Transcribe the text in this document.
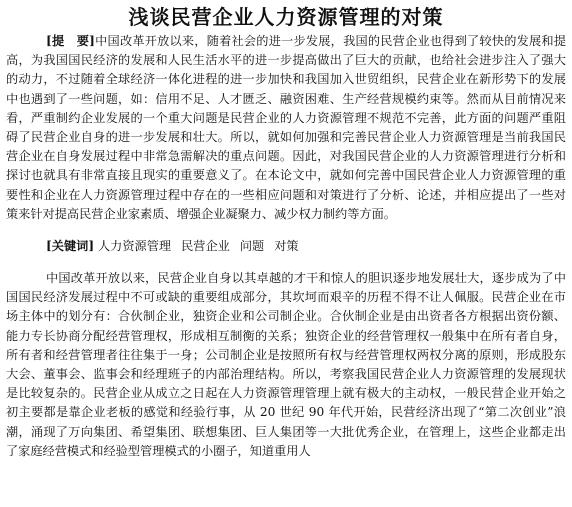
浅谈民营企业人力资源管理的对策

[提　要]中国改革开放以来，随着社会的进一步发展，我国的民营企业也得到了较快的发展和提高，为我国国民经济的发展和人民生活水平的进一步提高做出了巨大的贡献，也给社会进步注入了强大的动力，不过随着全球经济一体化进程的进一步加快和我国加入世贸组织，民营企业在新形势下的发展中也遇到了一些问题，如：信用不足、人才匮乏、融资困难、生产经营规模约束等。然而从目前情况来看，严重制约企业发展的一个重大问题是民营企业的人力资源管理不规范不完善，此方面的问题严重阻碍了民营企业自身的进一步发展和壮大。所以，就如何加强和完善民营企业人力资源管理是当前我国民营企业在自身发展过程中非常急需解决的重点问题。因此，对我国民营企业的人力资源管理进行分析和探讨也就具有非常直接且现实的重要意义了。在本论文中，就如何完善中国民营企业人力资源管理的重要性和企业在人力资源管理过程中存在的一些相应问题和对策进行了分析、论述，并相应提出了一些对策来针对提高民营企业家素质、增强企业凝聚力、减少权力制约等方面。

[关键词] 人力资源管理 民营企业 问题 对策

中国改革开放以来，民营企业自身以其卓越的才干和惊人的胆识逐步地发展壮大，逐步成为了中国国民经济发展过程中不可或缺的重要组成部分，其坎坷而艰辛的历程不得不让人佩服。民营企业在市场主体中的划分有：合伙制企业，独资企业和公司制企业。合伙制企业是由出资者各方根据出资份额、能力专长协商分配经营管理权，形成相互制衡的关系；独资企业的经营管理权一般集中在所有者自身，所有者和经营管理者往往集于一身；公司制企业是按照所有权与经营管理权两权分离的原则，形成股东大会、董事会、监事会和经理班子的内部治理结构。所以，考察我国民营企业人力资源管理的发展现状是比较复杂的。民营企业从成立之日起在人力资源管理管理上就有极大的主动权，一般民营企业开始之初主要都是靠企业老板的感觉和经验行事，从 20 世纪 90 年代开始，民营经济出现了“第二次创业”浪潮，涌现了万向集团、希望集团、联想集团、巨人集团等一大批优秀企业，在管理上，这些企业都走出了家庭经营模式和经验型管理模式的小圈子，知道重用人
